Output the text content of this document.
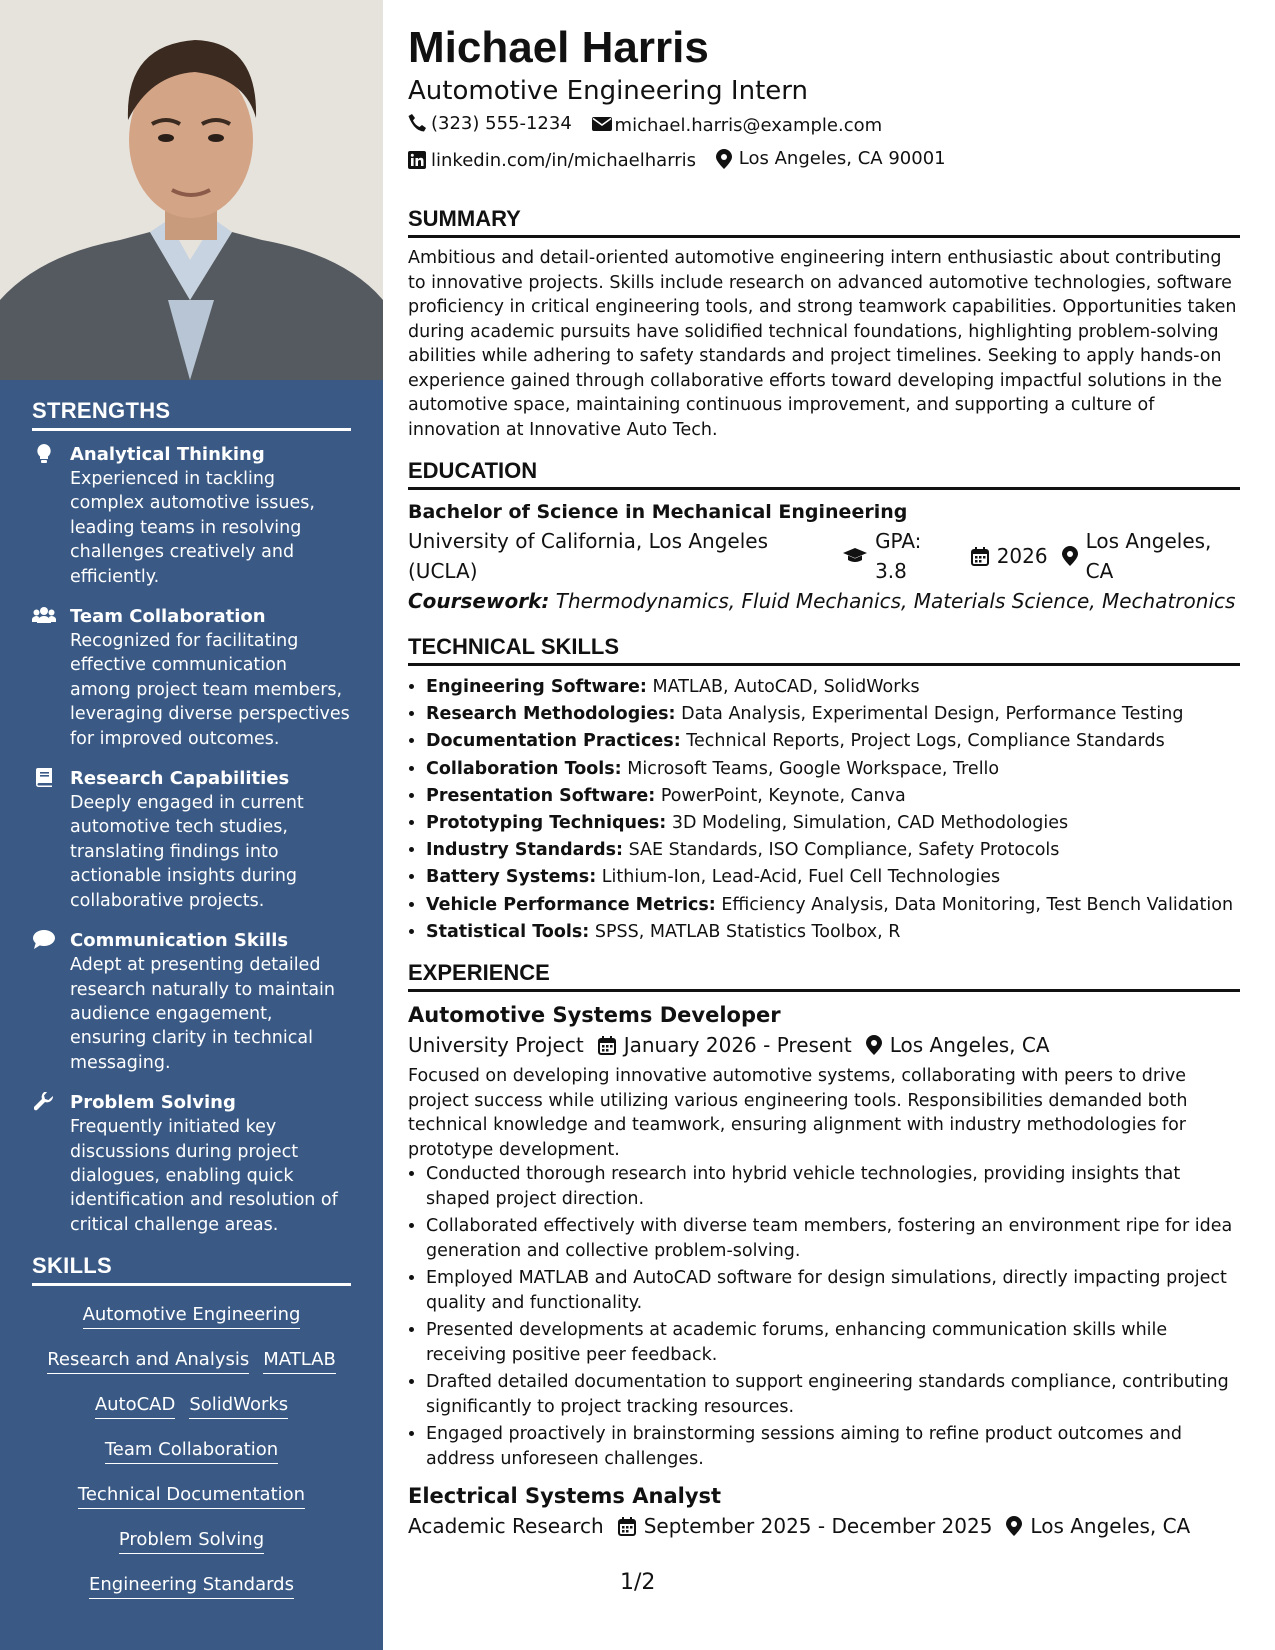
STRENGTHS
Analytical Thinking
Experienced in tackling complex automotive issues, leading teams in resolving challenges creatively and efficiently.
Team Collaboration
Recognized for facilitating effective communication among project team members, leveraging diverse perspectives for improved outcomes.
Research Capabilities
Deeply engaged in current automotive tech studies, translating findings into actionable insights during collaborative projects.
Communication Skills
Adept at presenting detailed research naturally to maintain audience engagement, ensuring clarity in technical messaging.
Problem Solving
Frequently initiated key discussions during project dialogues, enabling quick identification and resolution of critical challenge areas.
SKILLS
Automotive Engineering
Research and Analysis MATLAB
AutoCAD SolidWorks
Team Collaboration
Technical Documentation
Problem Solving
Engineering Standards
Michael Harris
Automotive Engineering Intern
(323) 555-1234
michael.harris@example.com
linkedin.com/in/michaelharris
Los Angeles, CA 90001
SUMMARY
Ambitious and detail-oriented automotive engineering intern enthusiastic about contributing to innovative projects. Skills include research on advanced automotive technologies, software proficiency in critical engineering tools, and strong teamwork capabilities. Opportunities taken during academic pursuits have solidified technical foundations, highlighting problem-solving abilities while adhering to safety standards and project timelines. Seeking to apply hands-on experience gained through collaborative efforts toward developing impactful solutions in the automotive space, maintaining continuous improvement, and supporting a culture of innovation at Innovative Auto Tech.
EDUCATION
Bachelor of Science in Mechanical Engineering
University of California, Los Angeles (UCLA)
GPA: 3.8
2026
Los Angeles, CA
Coursework: Thermodynamics, Fluid Mechanics, Materials Science, Mechatronics
TECHNICAL SKILLS
• Engineering Software: MATLAB, AutoCAD, SolidWorks
• Research Methodologies: Data Analysis, Experimental Design, Performance Testing
• Documentation Practices: Technical Reports, Project Logs, Compliance Standards
• Collaboration Tools: Microsoft Teams, Google Workspace, Trello
• Presentation Software: PowerPoint, Keynote, Canva
• Prototyping Techniques: 3D Modeling, Simulation, CAD Methodologies
• Industry Standards: SAE Standards, ISO Compliance, Safety Protocols
• Battery Systems: Lithium-Ion, Lead-Acid, Fuel Cell Technologies
• Vehicle Performance Metrics: Efficiency Analysis, Data Monitoring, Test Bench Validation
• Statistical Tools: SPSS, MATLAB Statistics Toolbox, R
EXPERIENCE
Automotive Systems Developer
University Project January 2026 - Present Los Angeles, CA
Focused on developing innovative automotive systems, collaborating with peers to drive project success while utilizing various engineering tools. Responsibilities demanded both technical knowledge and teamwork, ensuring alignment with industry methodologies for prototype development.
• Conducted thorough research into hybrid vehicle technologies, providing insights that shaped project direction.
• Collaborated effectively with diverse team members, fostering an environment ripe for idea generation and collective problem-solving.
• Employed MATLAB and AutoCAD software for design simulations, directly impacting project quality and functionality.
• Presented developments at academic forums, enhancing communication skills while receiving positive peer feedback.
• Drafted detailed documentation to support engineering standards compliance, contributing significantly to project tracking resources.
• Engaged proactively in brainstorming sessions aiming to refine product outcomes and address unforeseen challenges.
Electrical Systems Analyst
Academic Research September 2025 - December 2025 Los Angeles, CA
1/2
